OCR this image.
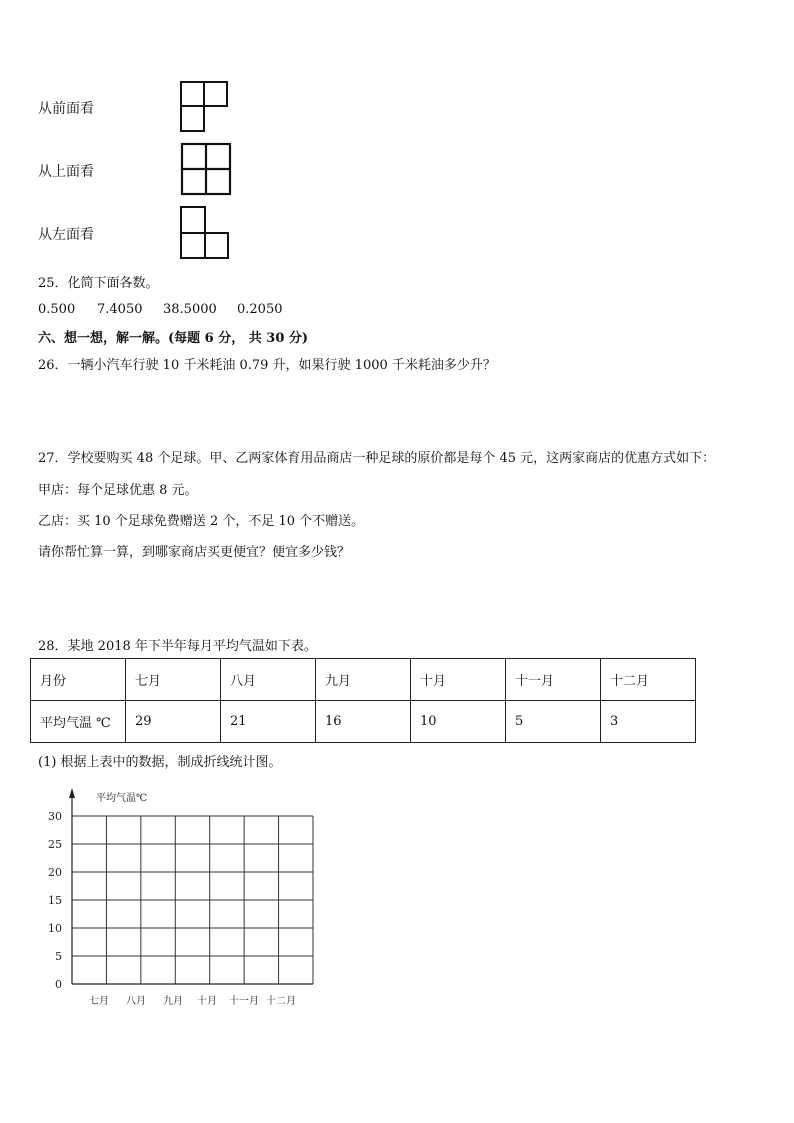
从前面看
从上面看
从左面看
25．化简下面各数。
0.500 7.4050 38.5000 0.2050
六、想一想，解一解。(每题 6 分， 共 30 分)
26．一辆小汽车行驶 10 千米耗油 0.79 升，如果行驶 1000 千米耗油多少升？
27．学校要购买 48 个足球。甲、乙两家体育用品商店一种足球的原价都是每个 45 元，这两家商店的优惠方式如下：
甲店：每个足球优惠 8 元。
乙店：买 10 个足球免费赠送 2 个，不足 10 个不赠送。
请你帮忙算一算，到哪家商店买更便宜？便宜多少钱？
28．某地 2018 年下半年每月平均气温如下表。
月份	七月	八月	九月	十月	十一月	十二月
平均气温 ℃	29	21	16	10	5	3
(1) 根据上表中的数据，制成折线统计图。
0
5
10
15
20
25
30
平均气温℃
七月 八月 九月 十月 十一月 十二月
